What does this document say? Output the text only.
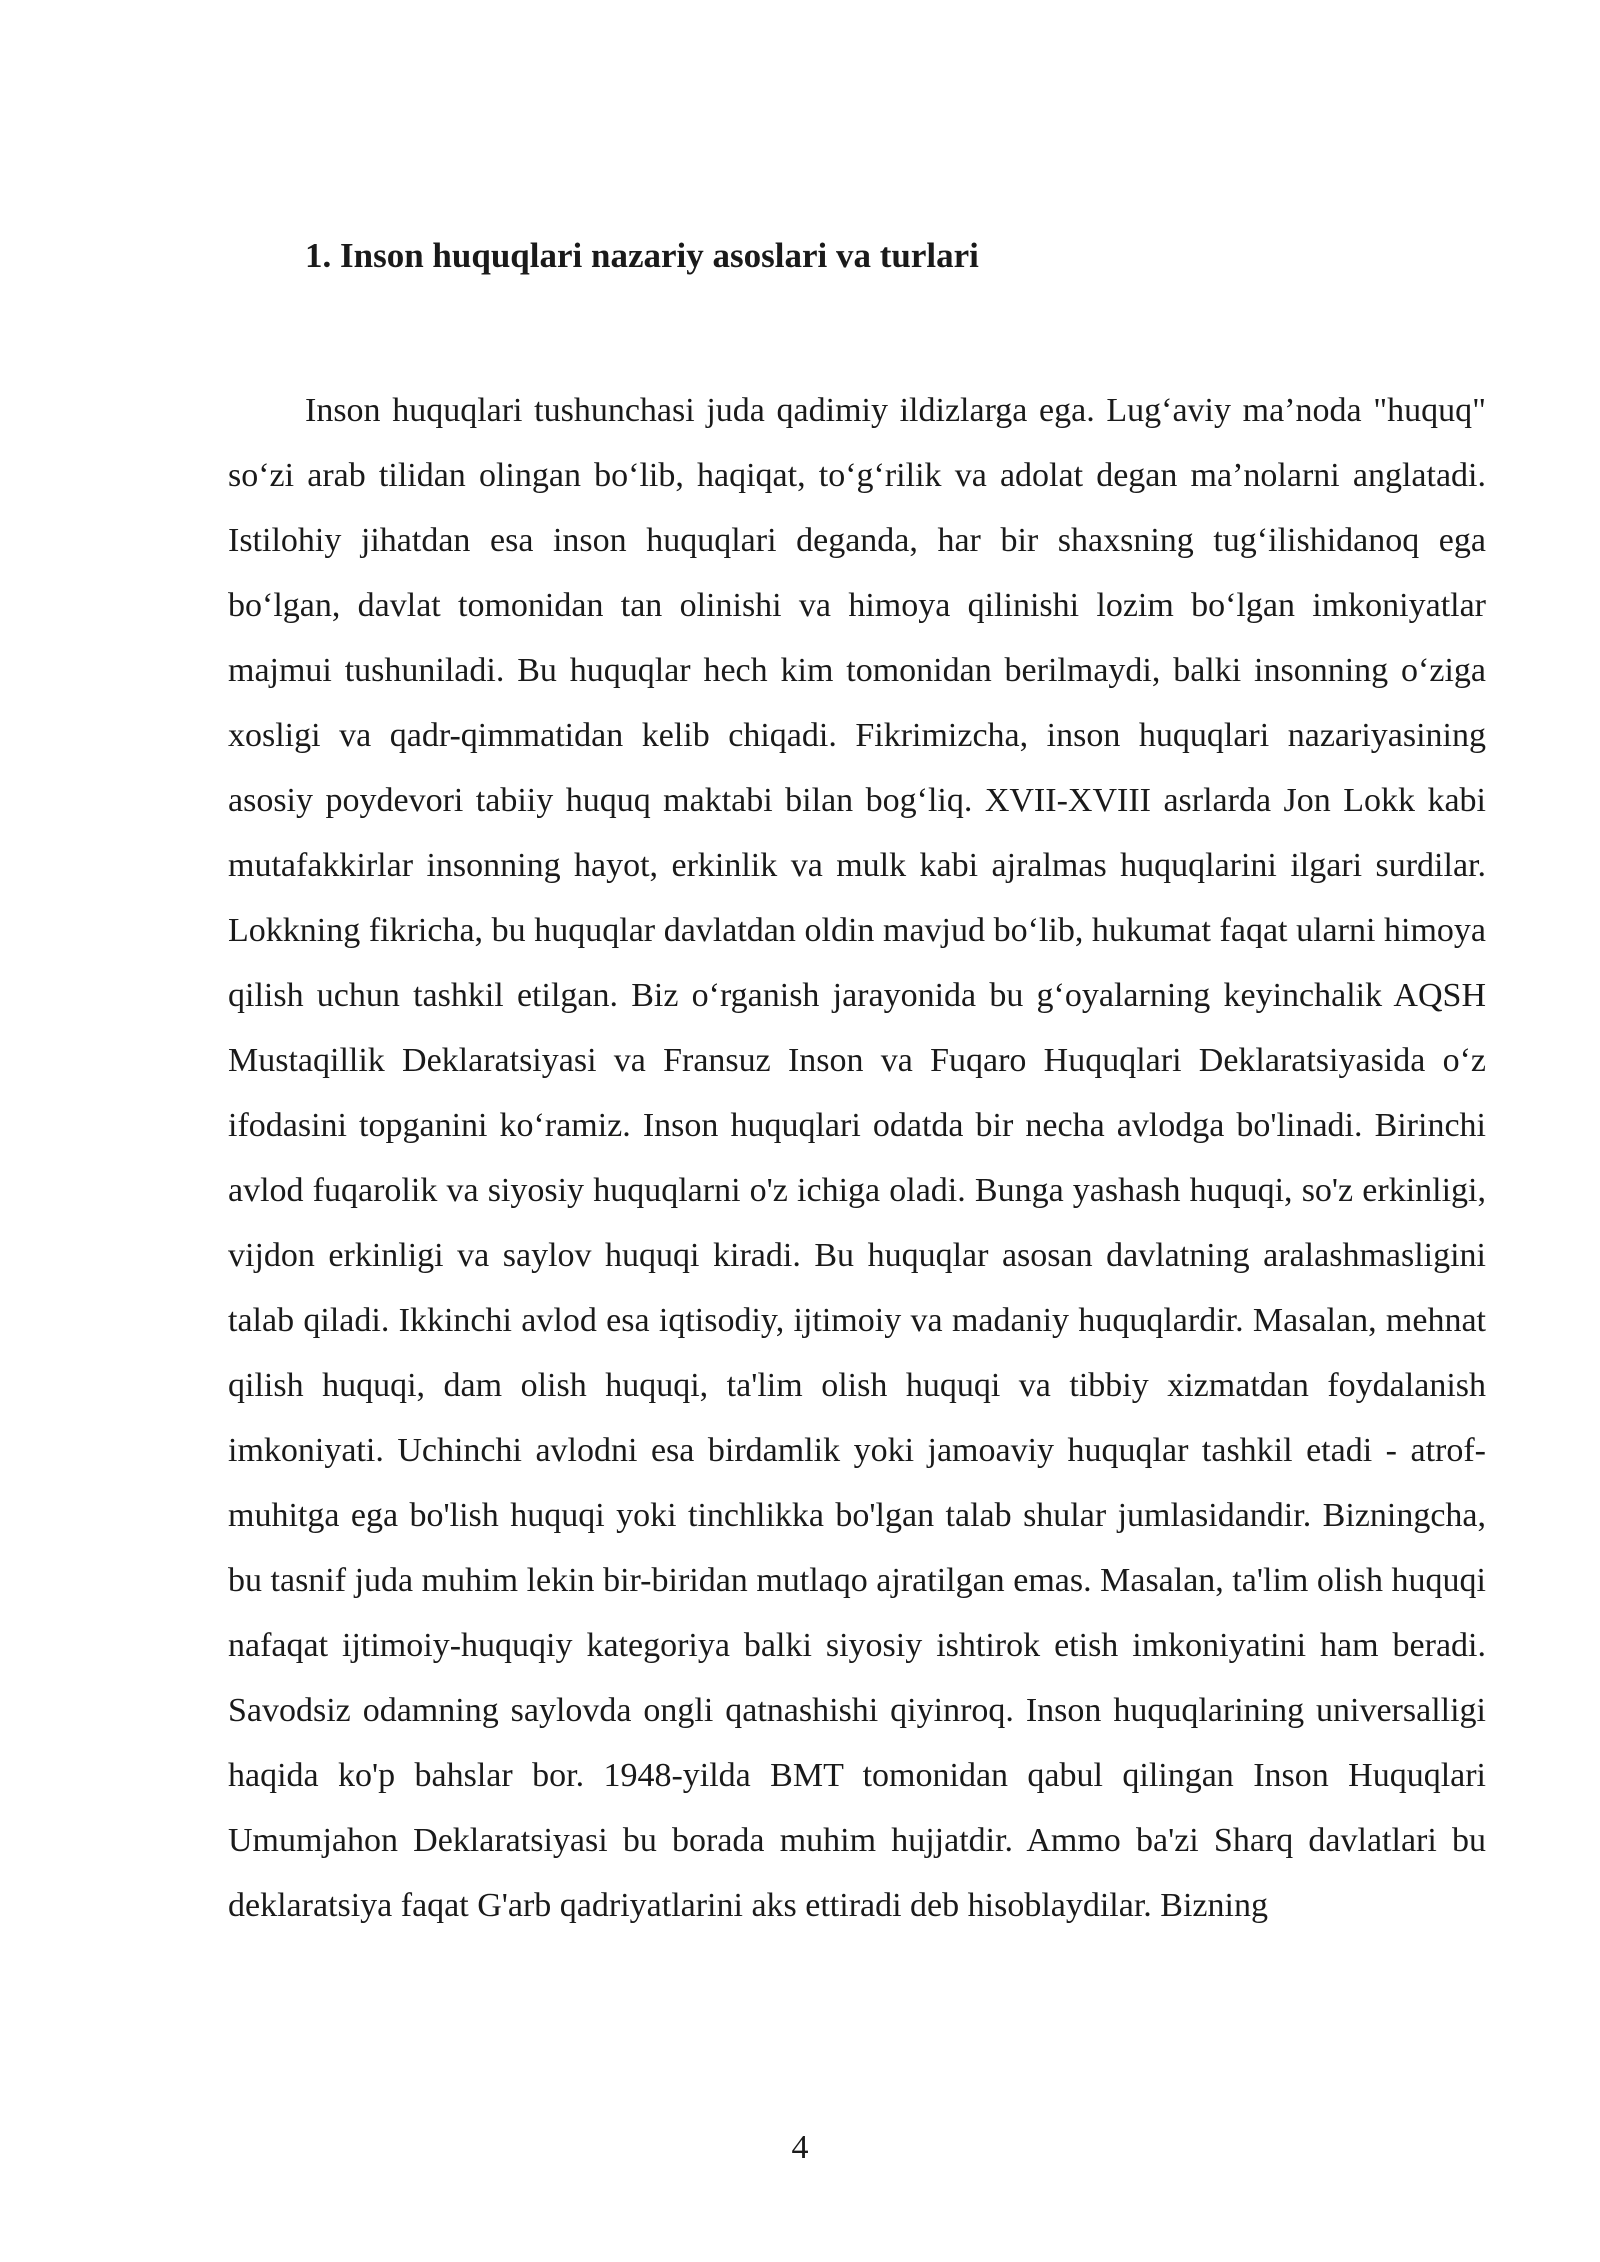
1. Inson huquqlari nazariy asoslari va turlari

Inson huquqlari tushunchasi juda qadimiy ildizlarga ega. Lug‘aviy ma’noda "huquq" so‘zi arab tilidan olingan bo‘lib, haqiqat, to‘g‘rilik va adolat degan ma’nolarni anglatadi. Istilohiy jihatdan esa inson huquqlari deganda, har bir shaxsning tug‘ilishidanoq ega bo‘lgan, davlat tomonidan tan olinishi va himoya qilinishi lozim bo‘lgan imkoniyatlar majmui tushuniladi. Bu huquqlar hech kim tomonidan berilmaydi, balki insonning o‘ziga xosligi va qadr-qimmatidan kelib chiqadi. Fikrimizcha, inson huquqlari nazariyasining asosiy poydevori tabiiy huquq maktabi bilan bog‘liq. XVII-XVIII asrlarda Jon Lokk kabi mutafakkirlar insonning hayot, erkinlik va mulk kabi ajralmas huquqlarini ilgari surdilar. Lokkning fikricha, bu huquqlar davlatdan oldin mavjud bo‘lib, hukumat faqat ularni himoya qilish uchun tashkil etilgan. Biz o‘rganish jarayonida bu g‘oyalarning keyinchalik AQSH Mustaqillik Deklaratsiyasi va Fransuz Inson va Fuqaro Huquqlari Deklaratsiyasida o‘z ifodasini topganini ko‘ramiz. Inson huquqlari odatda bir necha avlodga bo'linadi. Birinchi avlod fuqarolik va siyosiy huquqlarni o'z ichiga oladi. Bunga yashash huquqi, so'z erkinligi, vijdon erkinligi va saylov huquqi kiradi. Bu huquqlar asosan davlatning aralashmasligini talab qiladi. Ikkinchi avlod esa iqtisodiy, ijtimoiy va madaniy huquqlardir. Masalan, mehnat qilish huquqi, dam olish huquqi, ta'lim olish huquqi va tibbiy xizmatdan foydalanish imkoniyati. Uchinchi avlodni esa birdamlik yoki jamoaviy huquqlar tashkil etadi - atrof-muhitga ega bo'lish huquqi yoki tinchlikka bo'lgan talab shular jumlasidandir. Bizningcha, bu tasnif juda muhim lekin bir-biridan mutlaqo ajratilgan emas. Masalan, ta'lim olish huquqi nafaqat ijtimoiy-huquqiy kategoriya balki siyosiy ishtirok etish imkoniyatini ham beradi. Savodsiz odamning saylovda ongli qatnashishi qiyinroq. Inson huquqlarining universalligi haqida ko'p bahslar bor. 1948-yilda BMT tomonidan qabul qilingan Inson Huquqlari Umumjahon Deklaratsiyasi bu borada muhim hujjatdir. Ammo ba'zi Sharq davlatlari bu deklaratsiya faqat G'arb qadriyatlarini aks ettiradi deb hisoblaydilar. Bizning

4
